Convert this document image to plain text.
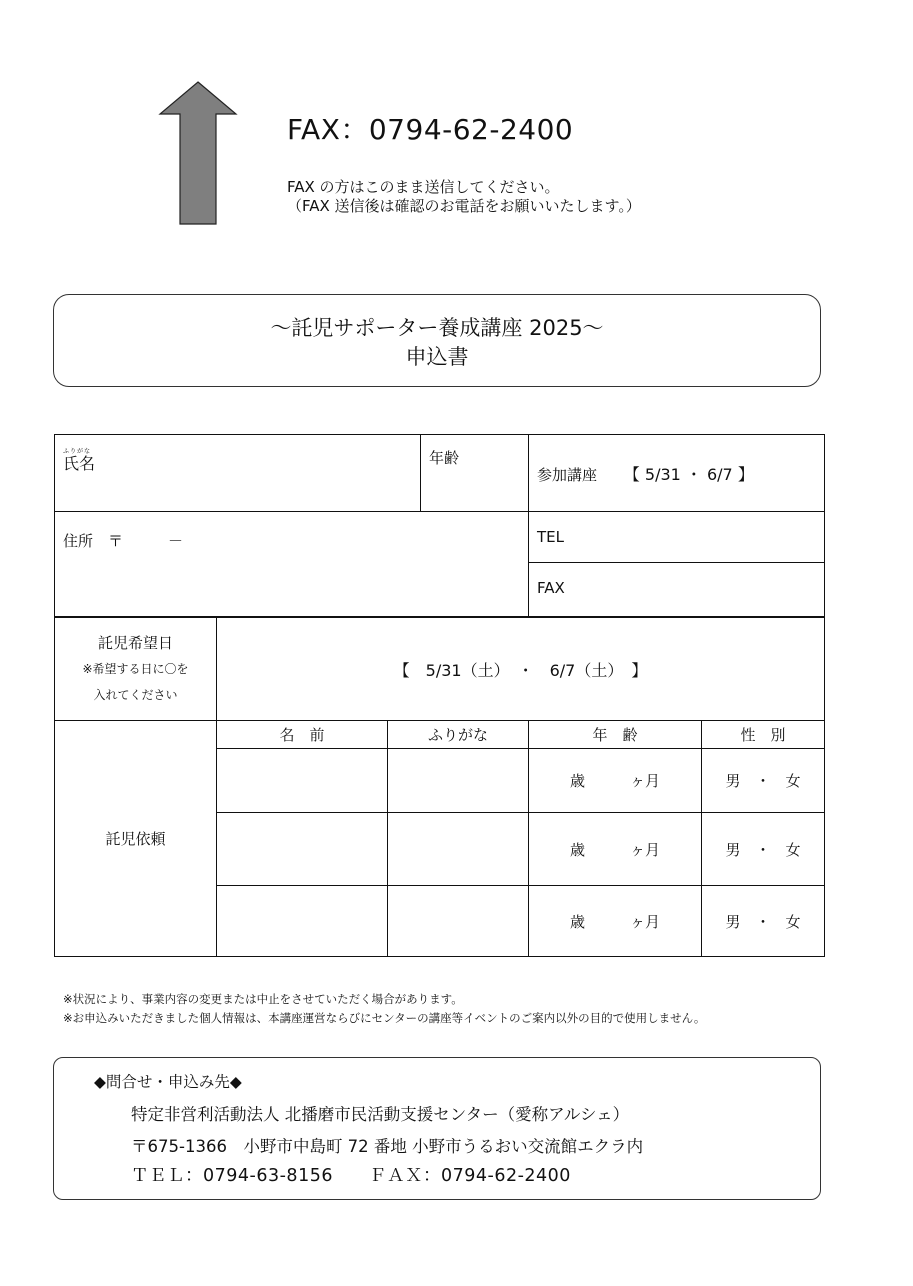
FAX：0794-62-2400
FAX の方はこのまま送信してください。
（FAX 送信後は確認のお電話をお願いいたします。）
～託児サポーター養成講座 2025～
申込書
ふりがな
氏名	年齢	参加講座 【 5/31 ・ 6/7 】

住所　〒　　　－		TEL

		FAX
託児希望日
※希望する日に〇を
入れてください	【　5/31（土）　・　6/7（土）　】			
託児依頼	名　前	ふりがな	年　齢	性　別
			歳　　　ヶ月	男　・　女
			歳　　　ヶ月	男　・　女
			歳　　　ヶ月	男　・　女
※状況により、事業内容の変更または中止をさせていただく場合があります。
※お申込みいただきました個人情報は、本講座運営ならびにセンターの講座等イベントのご案内以外の目的で使用しません。
◆問合せ・申込み先◆
特定非営利活動法人 北播磨市民活動支援センター（愛称アルシェ）
〒675-1366　小野市中島町 72 番地 小野市うるおい交流館エクラ内
ＴＥＬ：0794-63-8156　　ＦＡＸ：0794-62-2400
